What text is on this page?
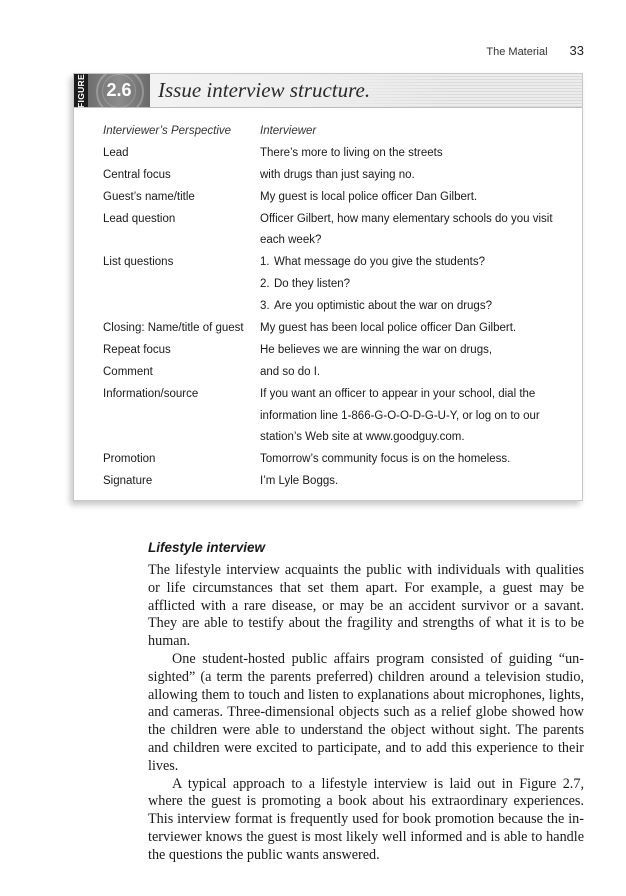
The Material 33
FIGURE 2.6 Issue interview structure.
Interviewer’s Perspective	Interviewer
Lead	There’s more to living on the streets
Central focus	with drugs than just saying no.
Guest’s name/title	My guest is local police officer Dan Gilbert.
Lead question	Officer Gilbert, how many elementary schools do you visit
each week?
List questions	1. What message do you give the students?
2. Do they listen?
3. Are you optimistic about the war on drugs?
Closing: Name/title of guest	My guest has been local police officer Dan Gilbert.
Repeat focus	He believes we are winning the war on drugs,
Comment	and so do I.
Information/source	If you want an officer to appear in your school, dial the
information line 1-866-G-O-O-D-G-U-Y, or log on to our
station’s Web site at www.goodguy.com.
Promotion	Tomorrow’s community focus is on the homeless.
Signature	I’m Lyle Boggs.
Lifestyle interview

The lifestyle interview acquaints the public with individuals with qualities or life circumstances that set them apart. For example, a guest may be afflicted with a rare disease, or may be an accident survivor or a savant. They are able to testify about the fragility and strengths of what it is to be human.

One student-hosted public affairs program consisted of guiding “unsighted” (a term the parents preferred) children around a television studio, allowing them to touch and listen to explanations about microphones, lights, and cameras. Three-dimensional objects such as a relief globe showed how the children were able to understand the object without sight. The parents and children were excited to participate, and to add this experience to their lives.

A typical approach to a lifestyle interview is laid out in Figure 2.7, where the guest is promoting a book about his extraordinary experiences. This interview format is frequently used for book promotion because the interviewer knows the guest is most likely well informed and is able to handle the questions the public wants answered.
